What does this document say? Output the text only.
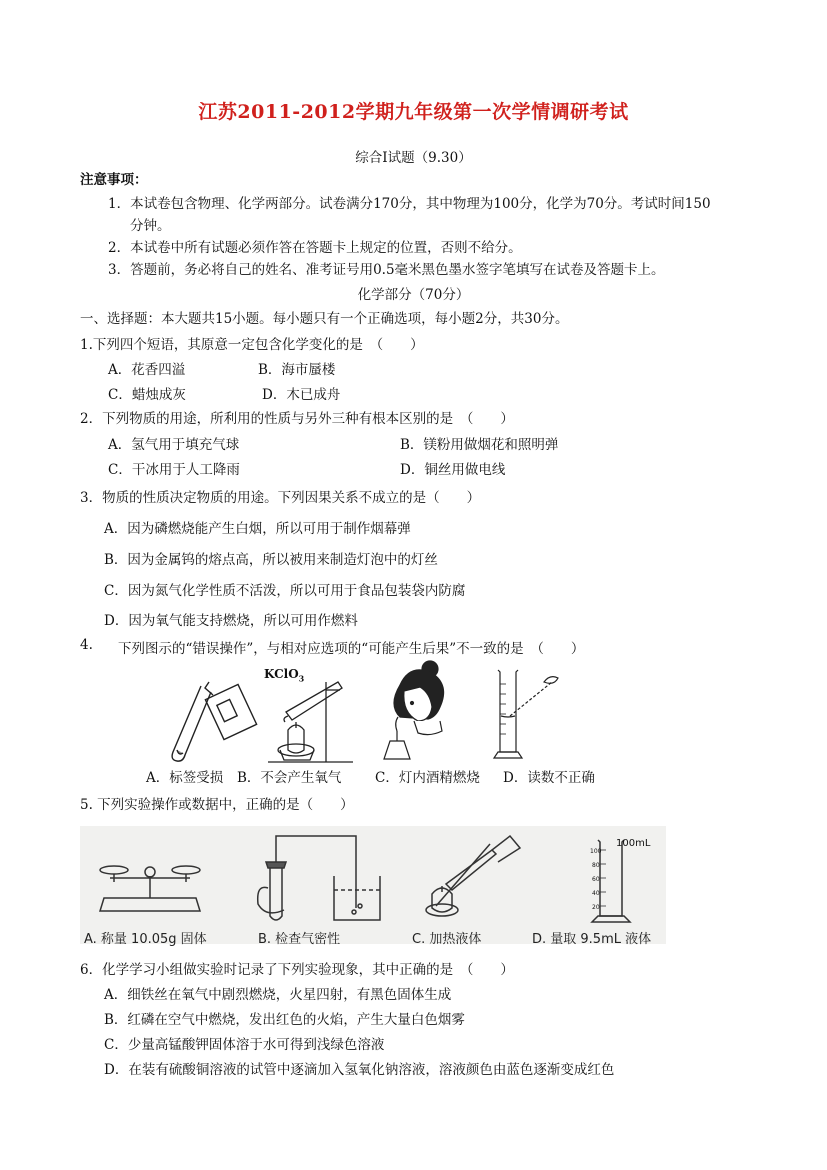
江苏2011-2012学期九年级第一次学情调研考试
综合Ⅰ试题（9.30）
注意事项：
1．本试卷包含物理、化学两部分。试卷满分170分，其中物理为100分，化学为70分。考试时间150
分钟。
2．本试卷中所有试题必须作答在答题卡上规定的位置，否则不给分。
3．答题前，务必将自己的姓名、准考证号用0.5毫米黑色墨水签字笔填写在试卷及答题卡上。
化学部分（70分）
一、选择题：本大题共15小题。每小题只有一个正确选项，每小题2分，共30分。
1.下列四个短语，其原意一定包含化学变化的是　（　　）
A．花香四溢	B．海市蜃楼
C．蜡烛成灰	D．木已成舟
2．下列物质的用途，所利用的性质与另外三种有根本区别的是　（　　）
A．氢气用于填充气球	B．镁粉用做烟花和照明弹
C．干冰用于人工降雨	D．铜丝用做电线
3．物质的性质决定物质的用途。下列因果关系不成立的是（　　）
A．因为磷燃烧能产生白烟，所以可用于制作烟幕弹
B．因为金属钨的熔点高，所以被用来制造灯泡中的灯丝
C．因为氮气化学性质不活泼，所以可用于食品包装袋内防腐
D．因为氧气能支持燃烧，所以可用作燃料
4. 下列图示的“错误操作”，与相对应选项的“可能产生后果”不一致的是　（　　）
KClO$_3$
A．标签受损 B．不会产生氧气 C．灯内酒精燃烧 D．读数不正确
5. 下列实验操作或数据中，正确的是（　　）
100mL
100
80
60
40
20
A. 称量 10.05g 固体	B. 检查气密性	C. 加热液体	D. 量取 9.5mL 液体
6．化学学习小组做实验时记录了下列实验现象，其中正确的是　（　　）
A．细铁丝在氧气中剧烈燃烧，火星四射，有黑色固体生成
B．红磷在空气中燃烧，发出红色的火焰，产生大量白色烟雾
C．少量高锰酸钾固体溶于水可得到浅绿色溶液
D．在装有硫酸铜溶液的试管中逐滴加入氢氧化钠溶液，溶液颜色由蓝色逐渐变成红色
